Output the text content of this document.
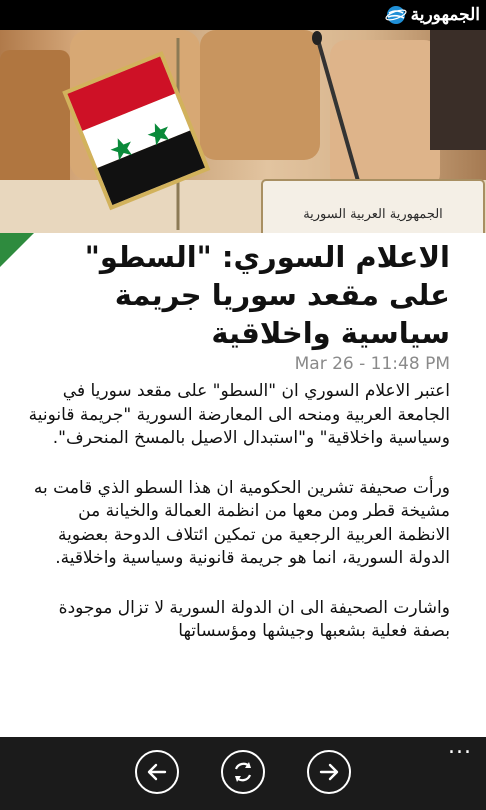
الجمهورية
الجمهورية العربية السورية
الاعلام السوري: "السطو" على مقعد سوريا جريمة سياسية واخلاقية
Mar 26 - 11:48 PM

اعتبر الاعلام السوري ان "السطو" على مقعد سوريا في الجامعة العربية ومنحه الى المعارضة السورية "جريمة قانونية وسياسية واخلاقية" و"استبدال الاصيل بالمسخ المنحرف".

ورأت صحيفة تشرين الحكومية ان هذا السطو الذي قامت به مشيخة قطر ومن معها من انظمة العمالة والخيانة من الانظمة العربية الرجعية من تمكين ائتلاف الدوحة بعضوية الدولة السورية، انما هو جريمة قانونية وسياسية واخلاقية.

واشارت الصحيفة الى ان الدولة السورية لا تزال موجودة بصفة فعلية بشعبها وجيشها ومؤسساتها

...
